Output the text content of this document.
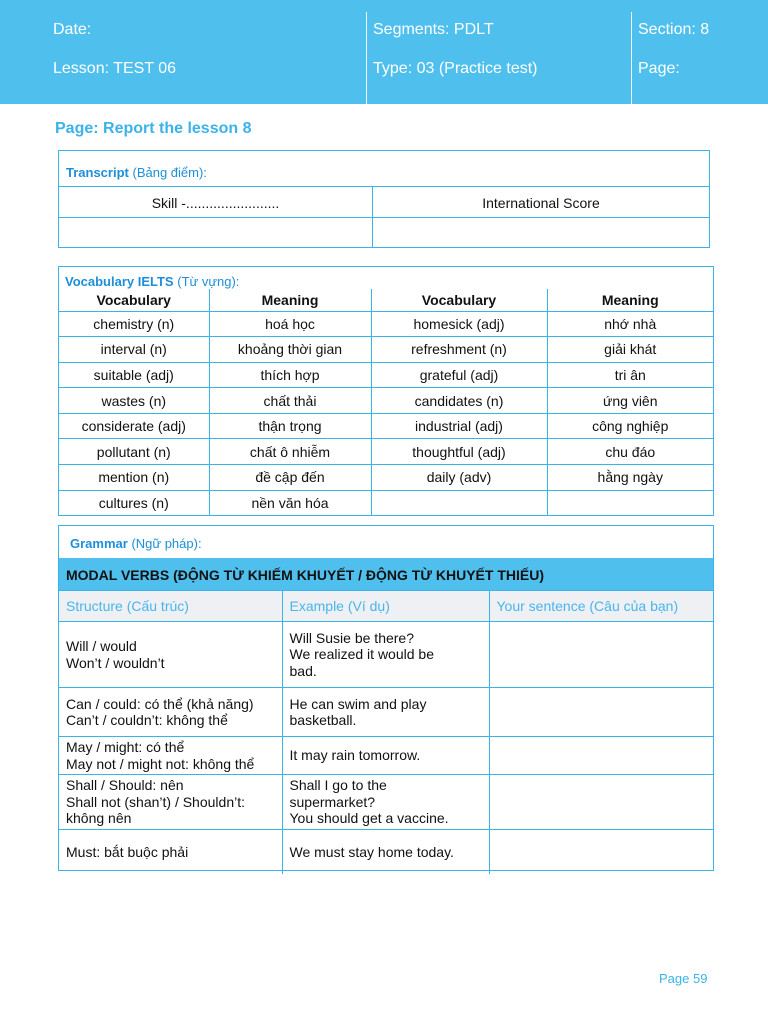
Date:
Lesson: TEST 06
Segments: PDLT
Type: 03 (Practice test)
Section: 8
Page:
Page: Report the lesson 8
Transcript (Bảng điểm):
Skill -........................	International Score
Vocabulary IELTS (Từ vựng):
Vocabulary	Meaning	Vocabulary	Meaning
chemistry (n)	hoá học	homesick (adj)	nhớ nhà
interval (n)	khoảng thời gian	refreshment (n)	giải khát
suitable (adj)	thích hợp	grateful (adj)	tri ân
wastes (n)	chất thải	candidates (n)	ứng viên
considerate (adj)	thận trọng	industrial (adj)	công nghiệp
pollutant (n)	chất ô nhiễm	thoughtful (adj)	chu đáo
mention (n)	đề cập đến	daily (adv)	hằng ngày
cultures (n)	nền văn hóa		
Grammar (Ngữ pháp):
MODAL VERBS (ĐỘNG TỪ KHIẾM KHUYẾT / ĐỘNG TỪ KHUYẾT THIẾU)
Structure (Cấu trúc)	Example (Ví dụ)	Your sentence (Câu của bạn)

Will / would
Won’t / wouldn’t	Will Susie be there?
We realized it would be
bad.	

Can / could: có thể (khả năng)
Can’t / couldn’t: không thể	He can swim and play
basketball.	

May / might: có thể
May not / might not: không thể	It may rain tomorrow.	

Shall / Should: nên
Shall not (shan’t) / Shouldn’t:
không nên	Shall I go to the
supermarket?
You should get a vaccine.	

Must: bắt buộc phải	We must stay home today.	

Page 59
